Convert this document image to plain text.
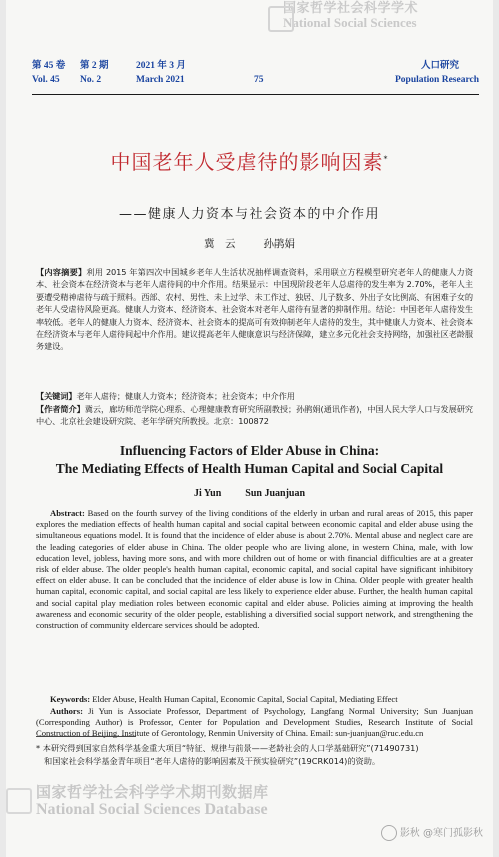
国家哲学社会科学学术
National Social Sciences
第 45 卷 第 2 期	2021 年 3 月	人口研究
Vol. 45 No. 2	March 2021	75	Population Research
中国老年人受虐待的影响因素*
——健康人力资本与社会资本的中介作用
冀　云	孙鹃娟
【内容摘要】利用 2015 年第四次中国城乡老年人生活状况抽样调查资料，采用联立方程模型研究老年人的健康人力资本、社会资本在经济资本与老年人虐待间的中介作用。结果显示：中国现阶段老年人总虐待的发生率为 2.70%，老年人主要遭受精神虐待与疏于照料。西部、农村、男性、未上过学、未工作过、独居、儿子数多、外出子女比例高、有困难子女的老年人受虐待风险更高。健康人力资本、经济资本、社会资本对老年人虐待有显著的抑制作用。结论：中国老年人虐待发生率较低。老年人的健康人力资本、经济资本、社会资本的提高可有效抑制老年人虐待的发生，其中健康人力资本、社会资本在经济资本与老年人虐待间起中介作用。建议提高老年人健康意识与经济保障，建立多元化社会支持网络，加强社区老龄服务建设。
【关键词】老年人虐待；健康人力资本；经济资本；社会资本；中介作用
【作者简介】冀云，廊坊师范学院心理系、心理健康教育研究所副教授；孙鹃娟(通讯作者)，中国人民大学人口与发展研究中心、北京社会建设研究院、老年学研究所教授。北京：100872
Influencing Factors of Elder Abuse in China:
The Mediating Effects of Health Human Capital and Social Capital
Ji Yun Sun Juanjuan
Abstract: Based on the fourth survey of the living conditions of the elderly in urban and rural areas of 2015, this paper explores the mediation effects of health human capital and social capital between economic capital and elder abuse using the simultaneous equations model. It is found that the incidence of elder abuse is about 2.70%. Mental abuse and neglect care are the leading categories of elder abuse in China. The older people who are living alone, in western China, male, with low education level, jobless, having more sons, and with more children out of home or with financial difficulties are at a greater risk of elder abuse. The older people's health human capital, economic capital, and social capital have significant inhibitory effect on elder abuse. It can be concluded that the incidence of elder abuse is low in China. Older people with greater health human capital, economic capital, and social capital are less likely to experience elder abuse. Further, the health human capital and social capital play mediation roles between economic capital and elder abuse. Policies aiming at improving the health awareness and economic security of the older people, establishing a diversified social support network, and strengthening the construction of community eldercare services should be adopted.
Keywords: Elder Abuse, Health Human Capital, Economic Capital, Social Capital, Mediating Effect
Authors: Ji Yun is Associate Professor, Department of Psychology, Langfang Normal University; Sun Juanjuan (Corresponding Author) is Professor, Center for Population and Development Studies, Research Institute of Social Construction of Beijing, Institute of Gerontology, Renmin University of China. Email: sun-juanjuan@ruc.edu.cn
* 本研究得到国家自然科学基金重大项目“特征、规律与前景——老龄社会的人口学基础研究”(71490731)
和国家社会科学基金青年项目“老年人虐待的影响因素及干预实验研究”(19CRK014)的资助。
国家哲学社会科学学术期刊数据库
National Social Sciences Database
影秋 @寒门孤影秋
